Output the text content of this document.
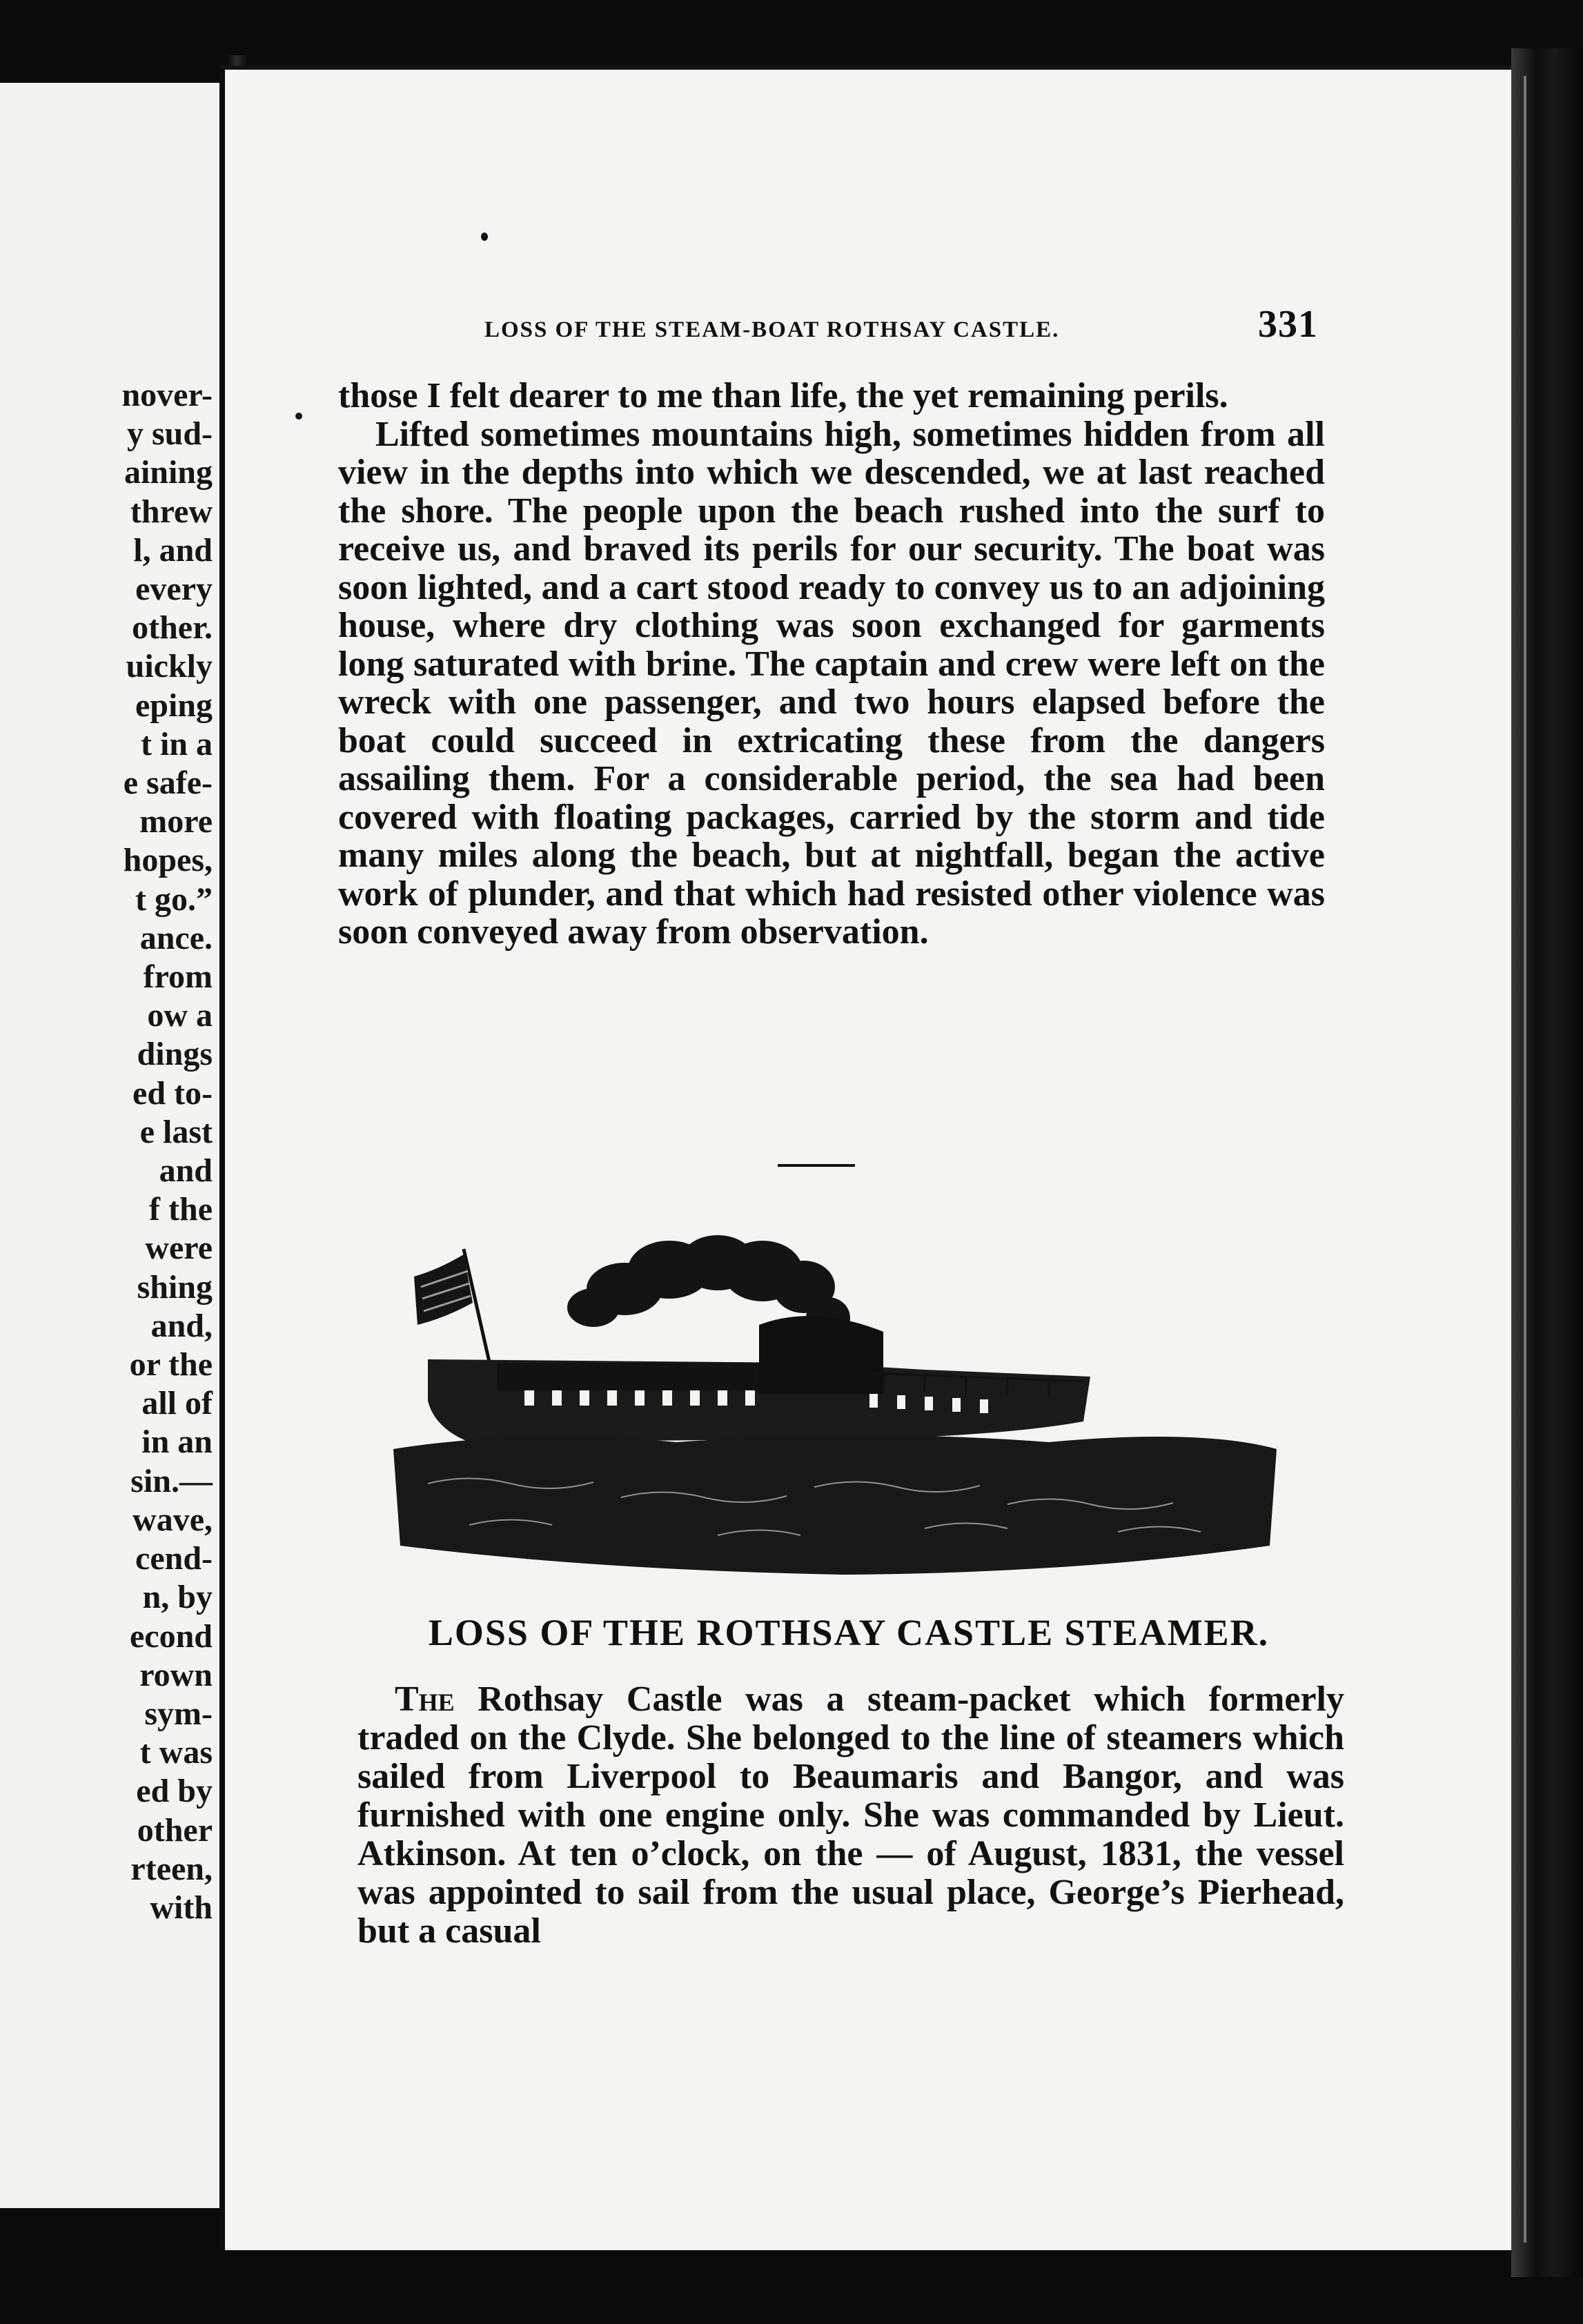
nover-
y sud-
aining
threw
l, and
every
other.
uickly
eping
t in a
e safe-
more
hopes,
t go.”
ance.
from
ow a
dings
ed to-
e last
and
f the
were
shing
and,
or the
all of
in an
sin.—
wave,
cend-
n, by
econd
rown
sym-
t was
ed by
other
rteen,
with
LOSS OF THE STEAM-BOAT ROTHSAY CASTLE.	331

those I felt dearer to me than life, the yet remaining perils.

Lifted sometimes mountains high, sometimes hidden from all view in the depths into which we descended, we at last reached the shore. The people upon the beach rushed into the surf to receive us, and braved its perils for our security. The boat was soon lighted, and a cart stood ready to convey us to an adjoining house, where dry clothing was soon exchanged for garments long saturated with brine. The captain and crew were left on the wreck with one passenger, and two hours elapsed before the boat could succeed in extricating these from the dangers assailing them. For a considerable period, the sea had been covered with floating packages, carried by the storm and tide many miles along the beach, but at nightfall, began the active work of plunder, and that which had resisted other violence was soon conveyed away from observation.

LOSS OF THE ROTHSAY CASTLE STEAMER.

The Rothsay Castle was a steam-packet which formerly traded on the Clyde. She belonged to the line of steamers which sailed from Liverpool to Beaumaris and Bangor, and was furnished with one engine only. She was commanded by Lieut. Atkinson. At ten o’clock, on the — of August, 1831, the vessel was appointed to sail from the usual place, George’s Pierhead, but a casual
